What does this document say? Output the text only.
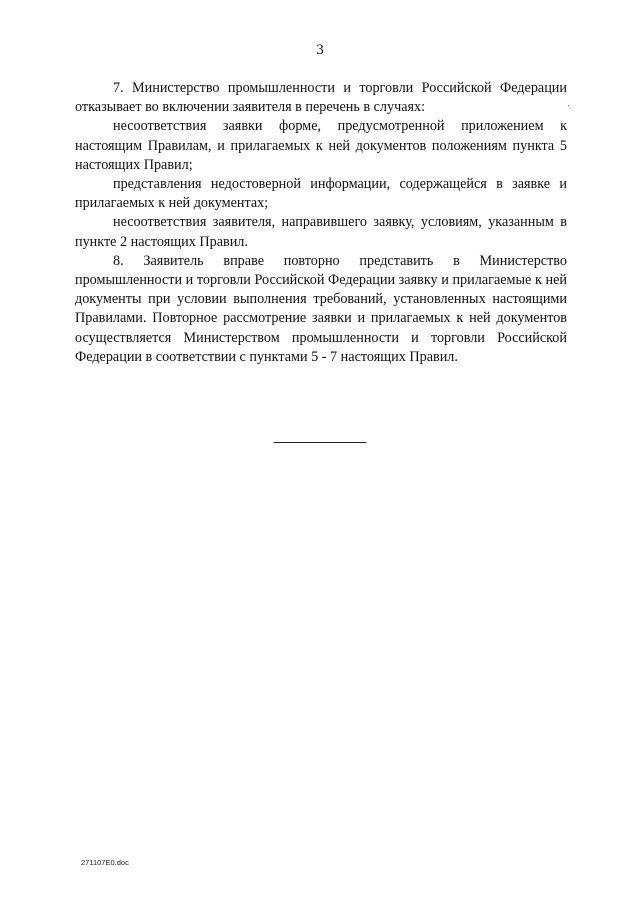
3

7. Министерство промышленности и торговли Российской Федерации отказывает во включении заявителя в перечень в случаях:

несоответствия заявки форме, предусмотренной приложением к настоящим Правилам, и прилагаемых к ней документов положениям пункта 5 настоящих Правил;

представления недостоверной информации, содержащейся в заявке и прилагаемых к ней документах;

несоответствия заявителя, направившего заявку, условиям, указанным в пункте 2 настоящих Правил.

8. Заявитель вправе повторно представить в Министерство промышленности и торговли Российской Федерации заявку и прилагаемые к ней документы при условии выполнения требований, установленных настоящими Правилами. Повторное рассмотрение заявки и прилагаемых к ней документов осуществляется Министерством промышленности и торговли Российской Федерации в соответствии с пунктами 5 - 7 настоящих Правил.

271107E0.doc
